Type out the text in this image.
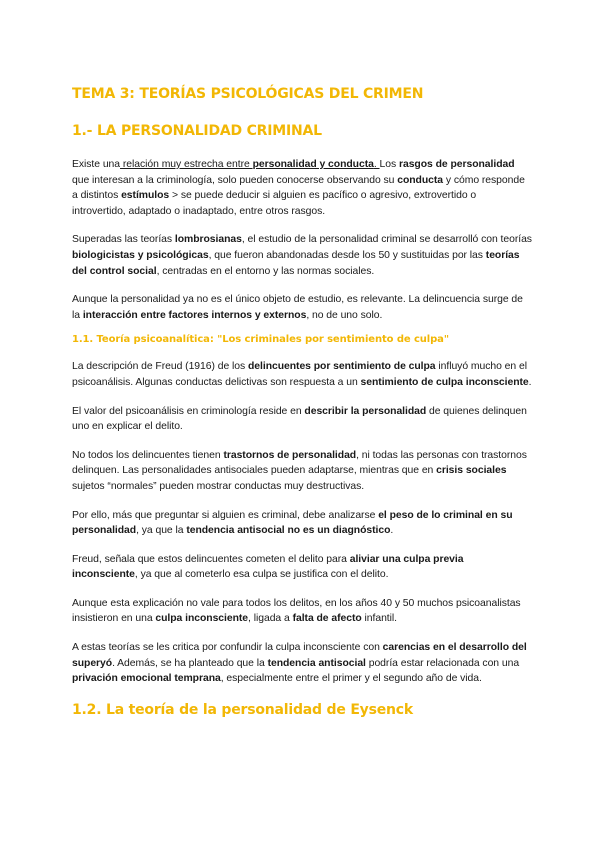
TEMA 3: TEORÍAS PSICOLÓGICAS DEL CRIMEN
1.- LA PERSONALIDAD CRIMINAL

Existe una relación muy estrecha entre personalidad y conducta. Los rasgos de personalidad que interesan a la criminología, solo pueden conocerse observando su conducta y cómo responde a distintos estímulos > se puede deducir si alguien es pacífico o agresivo, extrovertido o introvertido, adaptado o inadaptado, entre otros rasgos.

Superadas las teorías lombrosianas, el estudio de la personalidad criminal se desarrolló con teorías biologicistas y psicológicas, que fueron abandonadas desde los 50 y sustituidas por las teorías del control social, centradas en el entorno y las normas sociales.

Aunque la personalidad ya no es el único objeto de estudio, es relevante. La delincuencia surge de la interacción entre factores internos y externos, no de uno solo.

1.1. Teoría psicoanalítica: "Los criminales por sentimiento de culpa"

La descripción de Freud (1916) de los delincuentes por sentimiento de culpa influyó mucho en el psicoanálisis. Algunas conductas delictivas son respuesta a un sentimiento de culpa inconsciente.

El valor del psicoanálisis en criminología reside en describir la personalidad de quienes delinquen uno en explicar el delito.

No todos los delincuentes tienen trastornos de personalidad, ni todas las personas con trastornos delinquen. Las personalidades antisociales pueden adaptarse, mientras que en crisis sociales sujetos “normales” pueden mostrar conductas muy destructivas.

Por ello, más que preguntar si alguien es criminal, debe analizarse el peso de lo criminal en su personalidad, ya que la tendencia antisocial no es un diagnóstico.

Freud, señala que estos delincuentes cometen el delito para aliviar una culpa previa inconsciente, ya que al cometerlo esa culpa se justifica con el delito.

Aunque esta explicación no vale para todos los delitos, en los años 40 y 50 muchos psicoanalistas insistieron en una culpa inconsciente, ligada a falta de afecto infantil.

A estas teorías se les critica por confundir la culpa inconsciente con carencias en el desarrollo del superyó. Además, se ha planteado que la tendencia antisocial podría estar relacionada con una privación emocional temprana, especialmente entre el primer y el segundo año de vida.

1.2. La teoría de la personalidad de Eysenck
